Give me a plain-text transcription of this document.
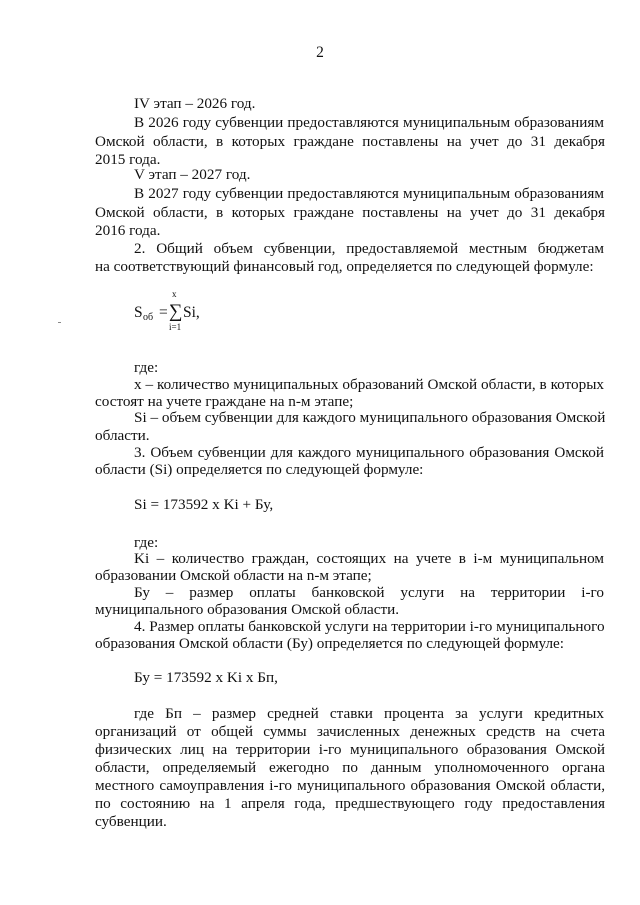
2
IV этап – 2026 год.
В 2026 году субвенции предоставляются муниципальным образованиям
Омской области, в которых граждане поставлены на учет до 31 декабря
2015 года.
V этап – 2027 год.
В 2027 году субвенции предоставляются муниципальным образованиям
Омской области, в которых граждане поставлены на учет до 31 декабря
2016 года.
2. Общий объем субвенции, предоставляемой местным бюджетам
на соответствующий финансовый год, определяется по следующей формуле:
S об =
x
∑
i=1
Si,
где:
x – количество муниципальных образований Омской области, в которых
состоят на учете граждане на n-м этапе;
Si – объем субвенции для каждого муниципального образования Омской
области.
3. Объем субвенции для каждого муниципального образования Омской
области (Si) определяется по следующей формуле:
Si = 173592 x Ki + Бу,
где:
Ki – количество граждан, состоящих на учете в i-м муниципальном
образовании Омской области на n-м этапе;
Бу – размер оплаты банковской услуги на территории i-го
муниципального образования Омской области.
4. Размер оплаты банковской услуги на территории i-го муниципального
образования Омской области (Бу) определяется по следующей формуле:
Бу = 173592 x Ki x Бп,
где Бп – размер средней ставки процента за услуги кредитных
организаций от общей суммы зачисленных денежных средств на счета
физических лиц на территории i-го муниципального образования Омской
области, определяемый ежегодно по данным уполномоченного органа
местного самоуправления i-го муниципального образования Омской области,
по состоянию на 1 апреля года, предшествующего году предоставления
субвенции.
